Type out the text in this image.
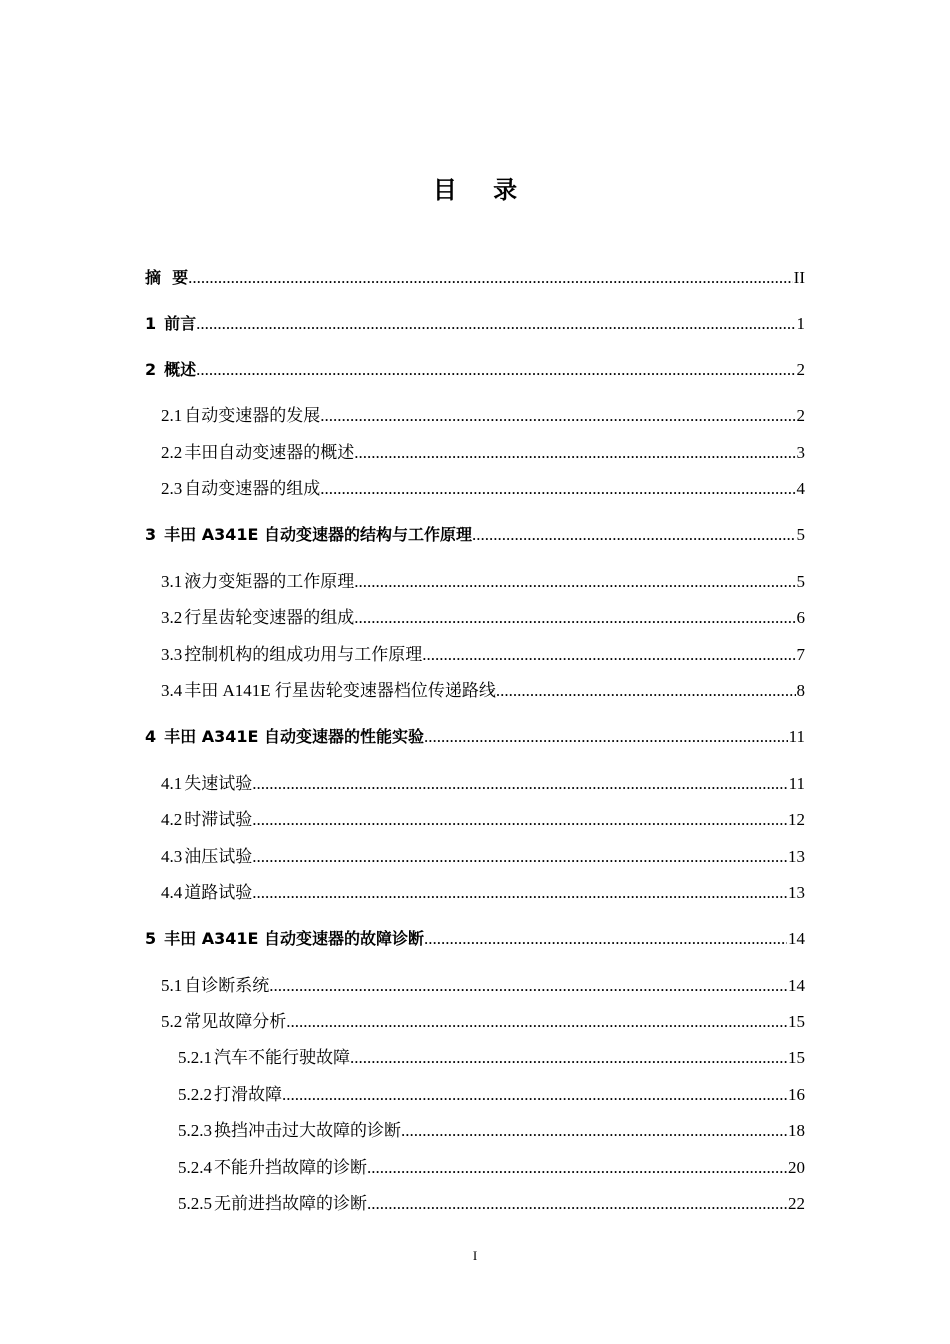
目 录
摘  要 .....	II
1 前言 .....	1
2 概述 .....	2
2.1 自动变速器的发展 .....	2
2.2 丰田自动变速器的概述 .....	3
2.3 自动变速器的组成 .....	4
3 丰田 A341E 自动变速器的结构与工作原理 .....	5
3.1 液力变矩器的工作原理 .....	5
3.2 行星齿轮变速器的组成 .....	6
3.3 控制机构的组成功用与工作原理 .....	7
3.4 丰田 A141E 行星齿轮变速器档位传递路线 .....	8
4 丰田 A341E 自动变速器的性能实验 .....	11
4.1 失速试验 .....	11
4.2 时滞试验 .....	12
4.3 油压试验 .....	13
4.4 道路试验 .....	13
5 丰田 A341E 自动变速器的故障诊断 .....	14
5.1 自诊断系统 .....	14
5.2 常见故障分析 .....	15
5.2.1 汽车不能行驶故障 .....	15
5.2.2 打滑故障 .....	16
5.2.3 换挡冲击过大故障的诊断 .....	18
5.2.4 不能升挡故障的诊断 .....	20
5.2.5 无前进挡故障的诊断 .....	22
I
